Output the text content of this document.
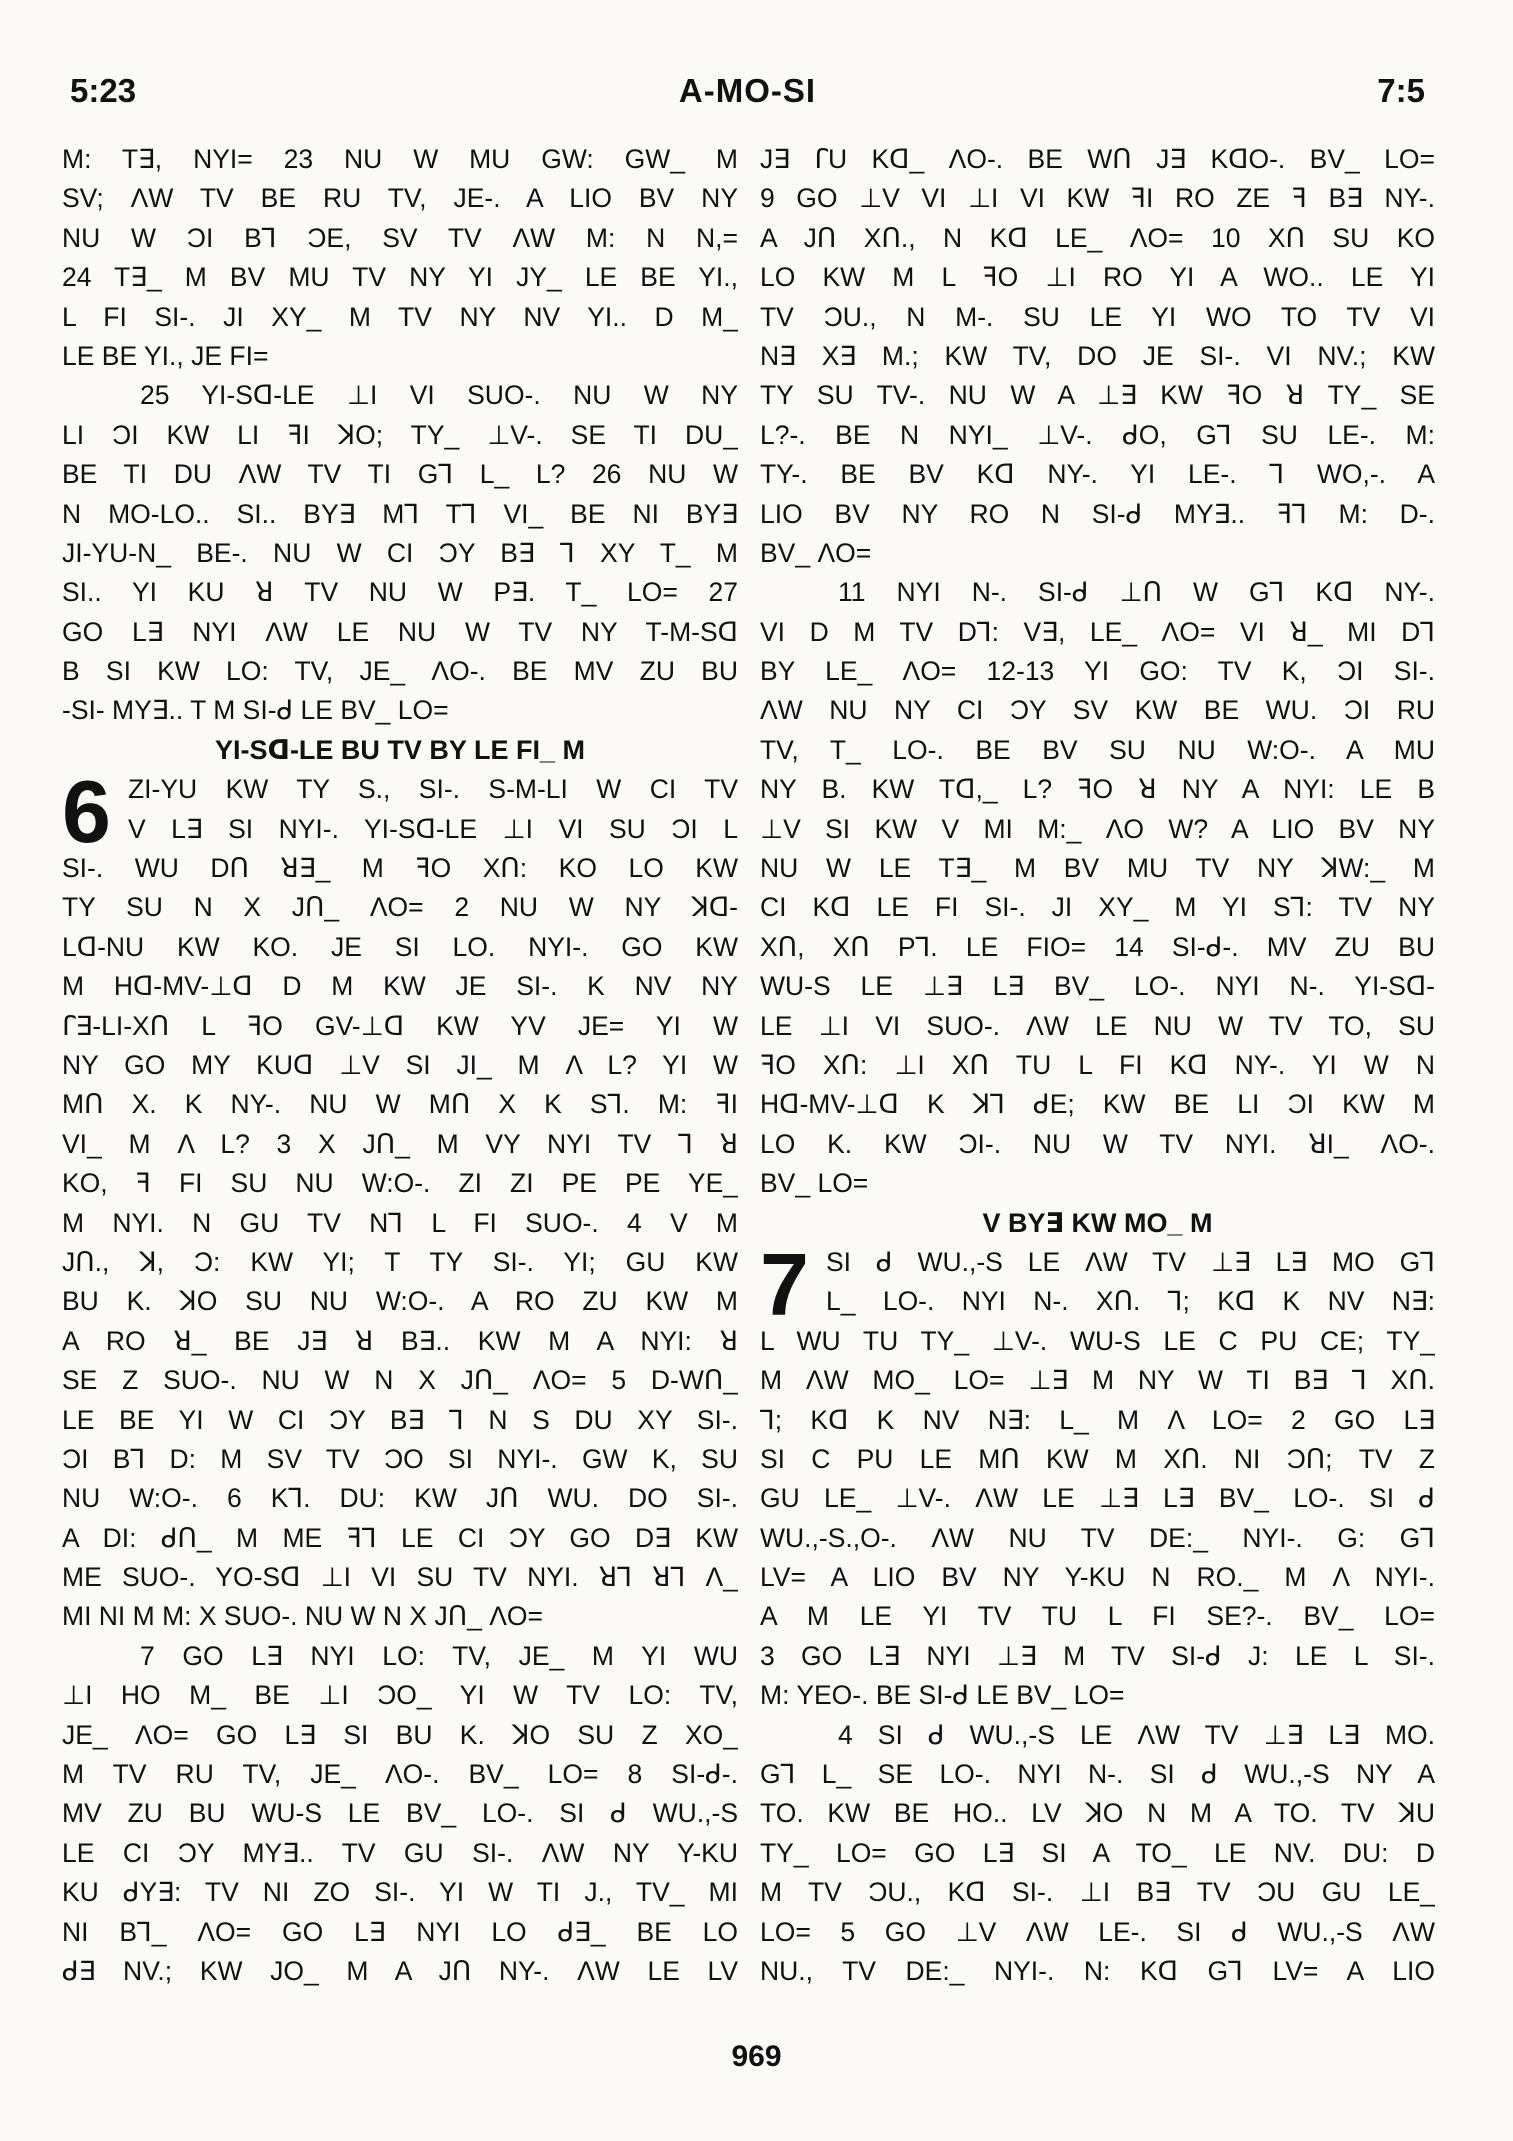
A-MO-SI
5:23	7:5
M: T∃, NYI= 23 NU W MU GW: GW_ M
SV; ΛW TV BE RU TV, JE-. A LIO BV NY
NU W ƆI B⅂ ƆE, SV TV ΛW M: N N,=
24 T∃_ M BV MU TV NY YI JY_ LE BE YI.,
L FI SI-. JI XY_ M TV NY NV YI.. D M_
LE BE YI., JE FI=
25 YI-Sꓷ-LE ⊥I VI SUO-. NU W NY
LI ƆI KW LI ꟻI ꓘO; TY_ ⊥V-. SE TI DU_
BE TI DU ΛW TV TI G⅂ L_ L? 26 NU W
N MO-LO.. SI.. BY∃ M⅂ T⅂ VI_ BE NI BY∃
JI-YU-N_ BE-. NU W CI ƆY B∃ ⅂ XY T_ M
SI.. YI KU ꓤ TV NU W P∃. T_ LO= 27
GO L∃ NYI ΛW LE NU W TV NY T-M-Sꓷ
B SI KW LO: TV, JE_ ΛO-. BE MV ZU BU
-SI- MY∃.. T M SI-ᑯ LE BV_ LO=
YI-Sꓷ-LE BU TV BY LE FI_ M
6 ZI-YU KW TY S., SI-. S-M-LI W CI TV
V L∃ SI NYI-. YI-Sꓷ-LE ⊥I VI SU ƆI L
SI-. WU Dꓵ ꓤ∃_ M ꟻO Xꓵ: KO LO KW
TY SU N X Jꓵ_ ΛO= 2 NU W NY ꓘꓷ-
Lꓷ-NU KW KO. JE SI LO. NYI-. GO KW
M Hꓷ-MV-⊥ꓷ D M KW JE SI-. K NV NY
ꓩ∃-LI-Xꓵ L ꟻO GV-⊥ꓷ KW YV JE= YI W
NY GO MY KUꓷ ⊥V SI JI_ M Λ L? YI W
Mꓵ X. K NY-. NU W Mꓵ X K S⅂. M: ꟻI
VI_ M Λ L? 3 X Jꓵ_ M VY NYI TV ⅂ ꓤ
KO, ꟻ FI SU NU W:O-. ZI ZI PE PE YE_
M NYI. N GU TV N⅂ L FI SUO-. 4 V M
Jꓵ., ꓘ, Ɔ: KW YI; T TY SI-. YI; GU KW
BU K. ꓘO SU NU W:O-. A RO ZU KW M
A RO ꓤ_ BE J∃ ꓤ B∃.. KW M A NYI: ꓤ
SE Z SUO-. NU W N X Jꓵ_ ΛO= 5 D-Wꓵ_
LE BE YI W CI ƆY B∃ ⅂ N S DU XY SI-.
ƆI B⅂ D: M SV TV ƆO SI NYI-. GW K, SU
NU W:O-. 6 K⅂. DU: KW Jꓵ WU. DO SI-.
A DI: ᑯꓵ_ M ME ꟻ⅂ LE CI ƆY GO D∃ KW
ME SUO-. YO-Sꓷ ⊥I VI SU TV NYI. ꓤ⅂ ꓤ⅂ Λ_
MI NI M M: X SUO-. NU W N X Jꓵ_ ΛO=
7 GO L∃ NYI LO: TV, JE_ M YI WU
⊥I HO M_ BE ⊥I ƆO_ YI W TV LO: TV,
JE_ ΛO= GO L∃ SI BU K. ꓘO SU Z XO_
M TV RU TV, JE_ ΛO-. BV_ LO= 8 SI-ᑯ-.
MV ZU BU WU-S LE BV_ LO-. SI ᑯ WU.,-S
LE CI ƆY MY∃.. TV GU SI-. ΛW NY Y-KU
KU ᑯY∃: TV NI ZO SI-. YI W TI J., TV_ MI
NI B⅂_ ΛO= GO L∃ NYI LO ᑯ∃_ BE LO
ᑯ∃ NV.; KW JO_ M A Jꓵ NY-. ΛW LE LV
J∃ ꓩU Kꓷ_ ΛO-. BE Wꓵ J∃ KꓷO-. BV_ LO=
9 GO ⊥V VI ⊥I VI KW ꟻI RO ZE ꟻ B∃ NY-.
A Jꓵ Xꓵ., N Kꓷ LE_ ΛO= 10 Xꓵ SU KO
LO KW M L ꟻO ⊥I RO YI A WO.. LE YI
TV ƆU., N M-. SU LE YI WO TO TV VI
N∃ X∃ M.; KW TV, DO JE SI-. VI NV.; KW
TY SU TV-. NU W A ⊥∃ KW ꟻO ꓤ TY_ SE
L?-. BE N NYI_ ⊥V-. ᑯO, G⅂ SU LE-. M:
TY-. BE BV Kꓷ NY-. YI LE-. ⅂ WO,-. A
LIO BV NY RO N SI-ᑯ MY∃.. ꟻ⅂ M: D-.
BV_ ΛO=
11 NYI N-. SI-ᑯ ⊥ꓵ W G⅂ Kꓷ NY-.
VI D M TV D⅂: V∃, LE_ ΛO= VI ꓤ_ MI D⅂
BY LE_ ΛO= 12-13 YI GO: TV K, ƆI SI-.
ΛW NU NY CI ƆY SV KW BE WU. ƆI RU
TV, T_ LO-. BE BV SU NU W:O-. A MU
NY B. KW Tꓷ,_ L? ꟻO ꓤ NY A NYI: LE B
⊥V SI KW V MI M:_ ΛO W? A LIO BV NY
NU W LE T∃_ M BV MU TV NY ꓘW:_ M
CI Kꓷ LE FI SI-. JI XY_ M YI S⅂: TV NY
Xꓵ, Xꓵ P⅂. LE FIO= 14 SI-ᑯ-. MV ZU BU
WU-S LE ⊥∃ L∃ BV_ LO-. NYI N-. YI-Sꓷ-
LE ⊥I VI SUO-. ΛW LE NU W TV TO, SU
ꟻO Xꓵ: ⊥I Xꓵ TU L FI Kꓷ NY-. YI W N
Hꓷ-MV-⊥ꓷ K ꓘ⅂ ᑯE; KW BE LI ƆI KW M
LO K. KW ƆI-. NU W TV NYI. ꓤI_ ΛO-.
BV_ LO=
V BY∃ KW MO_ M
7 SI ᑯ WU.,-S LE ΛW TV ⊥∃ L∃ MO G⅂
L_ LO-. NYI N-. Xꓵ. ⅂; Kꓷ K NV N∃:
L WU TU TY_ ⊥V-. WU-S LE C PU CE; TY_
M ΛW MO_ LO= ⊥∃ M NY W TI B∃ ⅂ Xꓵ.
⅂; Kꓷ K NV N∃: L_ M Λ LO= 2 GO L∃
SI C PU LE Mꓵ KW M Xꓵ. NI Ɔꓵ; TV Z
GU LE_ ⊥V-. ΛW LE ⊥∃ L∃ BV_ LO-. SI ᑯ
WU.,-S.,O-. ΛW NU TV DE:_ NYI-. G: G⅂
LV= A LIO BV NY Y-KU N RO._ M Λ NYI-.
A M LE YI TV TU L FI SE?-. BV_ LO=
3 GO L∃ NYI ⊥∃ M TV SI-ᑯ J: LE L SI-.
M: YEO-. BE SI-ᑯ LE BV_ LO=
4 SI ᑯ WU.,-S LE ΛW TV ⊥∃ L∃ MO.
G⅂ L_ SE LO-. NYI N-. SI ᑯ WU.,-S NY A
TO. KW BE HO.. LV ꓘO N M A TO. TV ꓘU
TY_ LO= GO L∃ SI A TO_ LE NV. DU: D
M TV ƆU., Kꓷ SI-. ⊥I B∃ TV ƆU GU LE_
LO= 5 GO ⊥V ΛW LE-. SI ᑯ WU.,-S ΛW
NU., TV DE:_ NYI-. N: Kꓷ G⅂ LV= A LIO
969
